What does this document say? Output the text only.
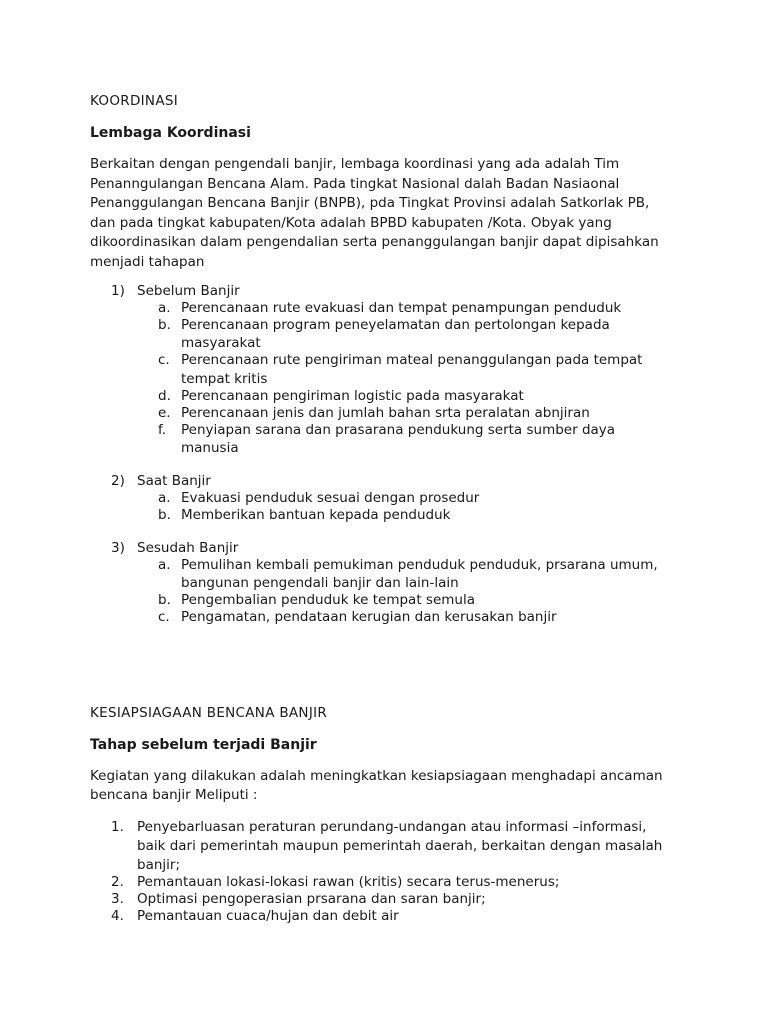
KOORDINASI
Lembaga Koordinasi
Berkaitan dengan pengendali banjir, lembaga koordinasi yang ada adalah Tim
Penanngulangan Bencana Alam. Pada tingkat Nasional dalah Badan Nasiaonal
Penanggulangan Bencana Banjir (BNPB), pda Tingkat Provinsi adalah Satkorlak PB,
dan pada tingkat kabupaten/Kota adalah BPBD kabupaten /Kota. Obyak yang
dikoordinasikan dalam pengendalian serta penanggulangan banjir dapat dipisahkan
menjadi tahapan
1) Sebelum Banjir
a. Perencanaan rute evakuasi dan tempat penampungan penduduk
b. Perencanaan program peneyelamatan dan pertolongan kepada
masyarakat
c. Perencanaan rute pengiriman mateal penanggulangan pada tempat
tempat kritis
d. Perencanaan pengiriman logistic pada masyarakat
e. Perencanaan jenis dan jumlah bahan srta peralatan abnjiran
f. Penyiapan sarana dan prasarana pendukung serta sumber daya
manusia
2) Saat Banjir
a. Evakuasi penduduk sesuai dengan prosedur
b. Memberikan bantuan kepada penduduk
3) Sesudah Banjir
a. Pemulihan kembali pemukiman penduduk penduduk, prsarana umum,
bangunan pengendali banjir dan lain-lain
b. Pengembalian penduduk ke tempat semula
c. Pengamatan, pendataan kerugian dan kerusakan banjir
KESIAPSIAGAAN BENCANA BANJIR
Tahap sebelum terjadi Banjir
Kegiatan yang dilakukan adalah meningkatkan kesiapsiagaan menghadapi ancaman
bencana banjir Meliputi :
1. Penyebarluasan peraturan perundang-undangan atau informasi –informasi,
baik dari pemerintah maupun pemerintah daerah, berkaitan dengan masalah
banjir;
2. Pemantauan lokasi-lokasi rawan (kritis) secara terus-menerus;
3. Optimasi pengoperasian prsarana dan saran banjir;
4. Pemantauan cuaca/hujan dan debit air
